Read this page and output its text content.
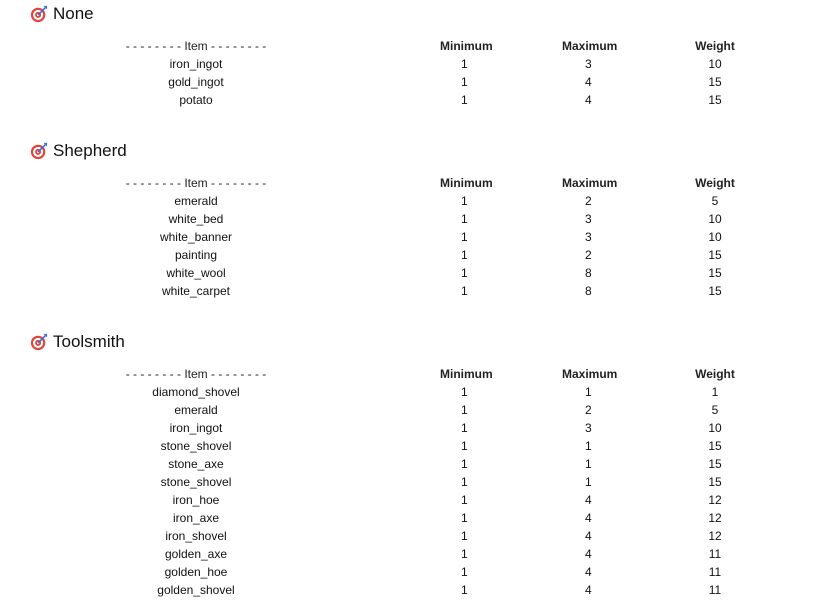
None
	- - - - - - - - Item - - - - - - - -		Minimum	Maximum	Weight	
	iron_ingot		1	3	10	
	gold_ingot		1	4	15	
	potato		1	4	15	
Shepherd
	- - - - - - - - Item - - - - - - - -		Minimum	Maximum	Weight	
	emerald		1	2	5	
	white_bed		1	3	10	
	white_banner		1	3	10	
	painting		1	2	15	
	white_wool		1	8	15	
	white_carpet		1	8	15	
Toolsmith
	- - - - - - - - Item - - - - - - - -		Minimum	Maximum	Weight	
	diamond_shovel		1	1	1	
	emerald		1	2	5	
	iron_ingot		1	3	10	
	stone_shovel		1	1	15	
	stone_axe		1	1	15	
	stone_shovel		1	1	15	
	iron_hoe		1	4	12	
	iron_axe		1	4	12	
	iron_shovel		1	4	12	
	golden_axe		1	4	11	
	golden_hoe		1	4	11	
	golden_shovel		1	4	11	
